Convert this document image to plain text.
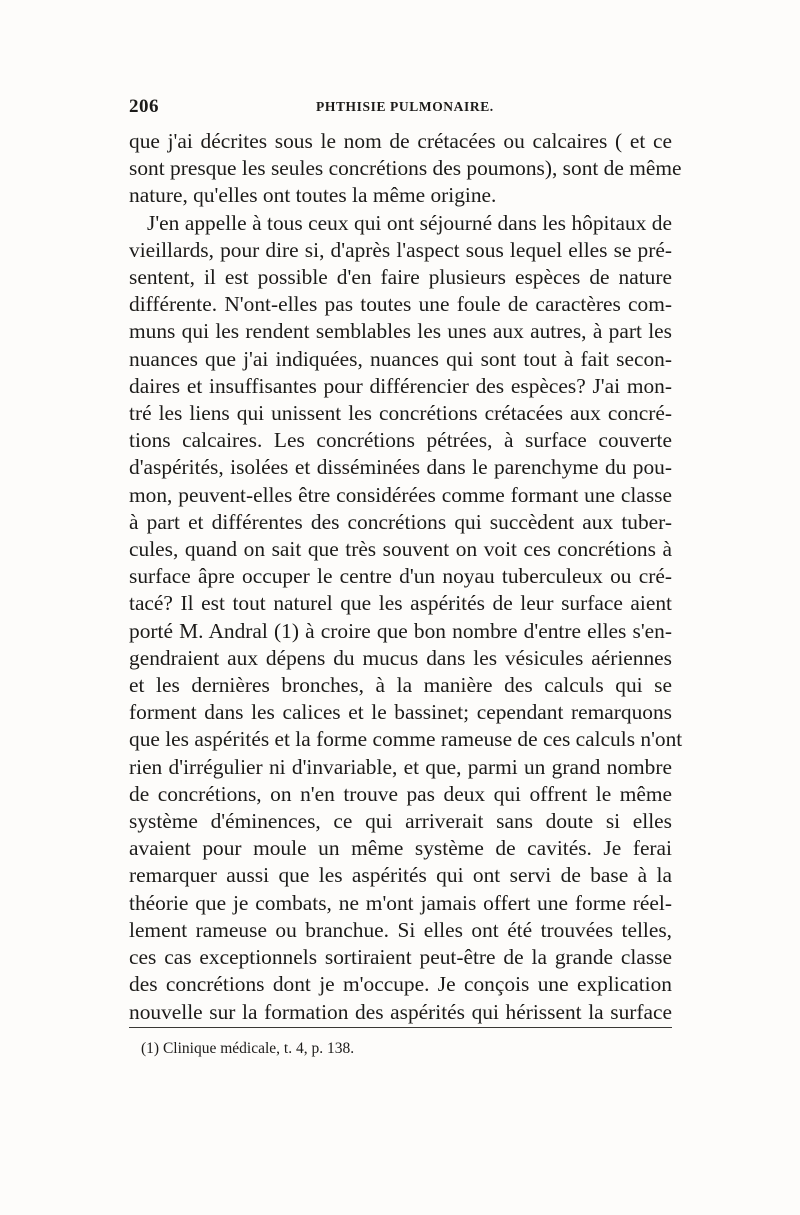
206	PHTHISIE PULMONAIRE.
que j'ai décrites sous le nom de crétacées ou calcaires ( et ce
sont presque les seules concrétions des poumons), sont de même
nature, qu'elles ont toutes la même origine.
J'en appelle à tous ceux qui ont séjourné dans les hôpitaux de
vieillards, pour dire si, d'après l'aspect sous lequel elles se pré-
sentent, il est possible d'en faire plusieurs espèces de nature
différente. N'ont-elles pas toutes une foule de caractères com-
muns qui les rendent semblables les unes aux autres, à part les
nuances que j'ai indiquées, nuances qui sont tout à fait secon-
daires et insuffisantes pour différencier des espèces? J'ai mon-
tré les liens qui unissent les concrétions crétacées aux concré-
tions calcaires. Les concrétions pétrées, à surface couverte
d'aspérités, isolées et disséminées dans le parenchyme du pou-
mon, peuvent-elles être considérées comme formant une classe
à part et différentes des concrétions qui succèdent aux tuber-
cules, quand on sait que très souvent on voit ces concrétions à
surface âpre occuper le centre d'un noyau tuberculeux ou cré-
tacé? Il est tout naturel que les aspérités de leur surface aient
porté M. Andral (1) à croire que bon nombre d'entre elles s'en-
gendraient aux dépens du mucus dans les vésicules aériennes
et les dernières bronches, à la manière des calculs qui se
forment dans les calices et le bassinet; cependant remarquons
que les aspérités et la forme comme rameuse de ces calculs n'ont
rien d'irrégulier ni d'invariable, et que, parmi un grand nombre
de concrétions, on n'en trouve pas deux qui offrent le même
système d'éminences, ce qui arriverait sans doute si elles
avaient pour moule un même système de cavités. Je ferai
remarquer aussi que les aspérités qui ont servi de base à la
théorie que je combats, ne m'ont jamais offert une forme réel-
lement rameuse ou branchue. Si elles ont été trouvées telles,
ces cas exceptionnels sortiraient peut-être de la grande classe
des concrétions dont je m'occupe. Je conçois une explication
nouvelle sur la formation des aspérités qui hérissent la surface
(1) Clinique médicale, t. 4, p. 138.
